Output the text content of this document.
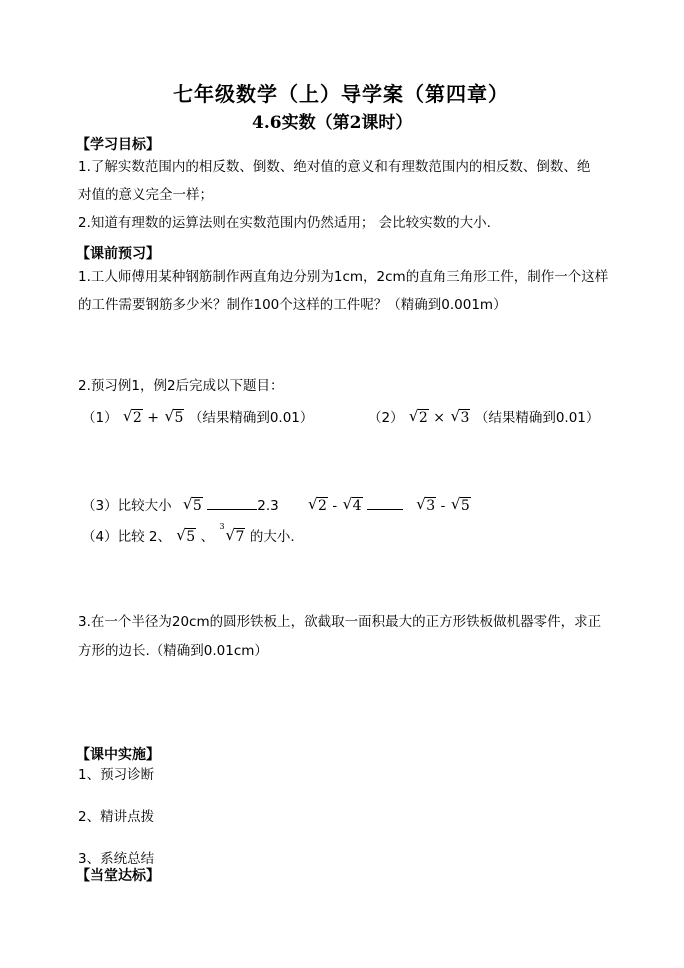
七年级数学（上）导学案（第四章）
4.6实数（第2课时）
【学习目标】
1.了解实数范围内的相反数、倒数、绝对值的意义和有理数范围内的相反数、倒数、绝
对值的意义完全一样；
2.知道有理数的运算法则在实数范围内仍然适用； 会比较实数的大小.
【课前预习】
1.工人师傅用某种钢筋制作两直角边分别为1cm，2cm的直角三角形工件，制作一个这样
的工件需要钢筋多少米？制作100个这样的工件呢？（精确到0.001m）
2.预习例1，例2后完成以下题目：
（1） √ 2 + √ 5 （结果精确到0.01）	（2） √ 2 × √ 3 （结果精确到0.01）
（3）比较大小 √ 5	2.3 √ 2 - √ 4	√ 3 - √ 5
（4）比较 2、 √ 5 、
3 √ 7 的大小.
3.在一个半径为20cm的圆形铁板上，欲截取一面积最大的正方形铁板做机器零件，求正
方形的边长.（精确到0.01cm）
【课中实施】
1、预习诊断
2、精讲点拨
3、系统总结
【当堂达标】
